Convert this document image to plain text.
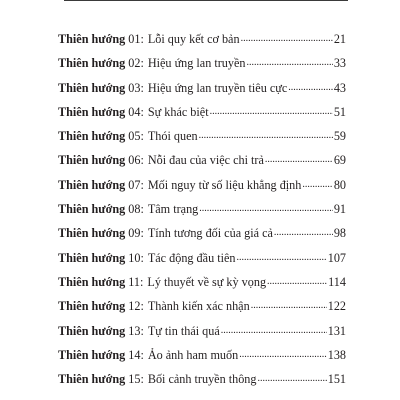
Thiên hướng 01 : Lỗi quy kết cơ bản .....	21
Thiên hướng 02 : Hiệu ứng lan truyền .....	33
Thiên hướng 03 : Hiệu ứng lan truyền tiêu cực .....	43
Thiên hướng 04 : Sự khác biệt .....	51
Thiên hướng 05 : Thói quen .....	59
Thiên hướng 06 : Nỗi đau của việc chi trả .....	69
Thiên hướng 07 : Mối nguy từ số liệu khẳng định .....	80
Thiên hướng 08 : Tâm trạng .....	91
Thiên hướng 09 : Tính tương đối của giá cả .....	98
Thiên hướng 10 : Tác động đầu tiên .....	107
Thiên hướng 11 : Lý thuyết về sự kỳ vọng .....	114
Thiên hướng 12 : Thành kiến xác nhận .....	122
Thiên hướng 13 : Tự tin thái quá .....	131
Thiên hướng 14 : Ảo ảnh ham muốn .....	138
Thiên hướng 15 : Bối cảnh truyền thông .....	151
